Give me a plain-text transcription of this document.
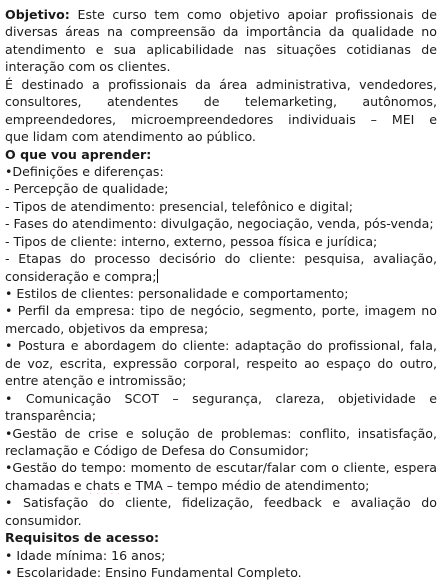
Objetivo: Este curso tem como objetivo apoiar profissionais de
diversas áreas na compreensão da importância da qualidade no
atendimento e sua aplicabilidade nas situações cotidianas de
interação com os clientes.
É destinado a profissionais da área administrativa, vendedores,
consultores, atendentes de telemarketing, autônomos,
empreendedores, microempreendedores individuais – MEI e
que lidam com atendimento ao público.
O que vou aprender:
•Definições e diferenças:
- Percepção de qualidade;
- Tipos de atendimento: presencial, telefônico e digital;
- Fases do atendimento: divulgação, negociação, venda, pós-venda;
- Tipos de cliente: interno, externo, pessoa física e jurídica;
- Etapas do processo decisório do cliente: pesquisa, avaliação,
consideração e compra;
• Estilos de clientes: personalidade e comportamento;
• Perfil da empresa: tipo de negócio, segmento, porte, imagem no
mercado, objetivos da empresa;
• Postura e abordagem do cliente: adaptação do profissional, fala,
de voz, escrita, expressão corporal, respeito ao espaço do outro,
entre atenção e intromissão;
• Comunicação SCOT – segurança, clareza, objetividade e
transparência;
•Gestão de crise e solução de problemas: conflito, insatisfação,
reclamação e Código de Defesa do Consumidor;
•Gestão do tempo: momento de escutar/falar com o cliente, espera
chamadas e chats e TMA – tempo médio de atendimento;
• Satisfação do cliente, fidelização, feedback e avaliação do
consumidor.
Requisitos de acesso:
• Idade mínima: 16 anos;
• Escolaridade: Ensino Fundamental Completo.
